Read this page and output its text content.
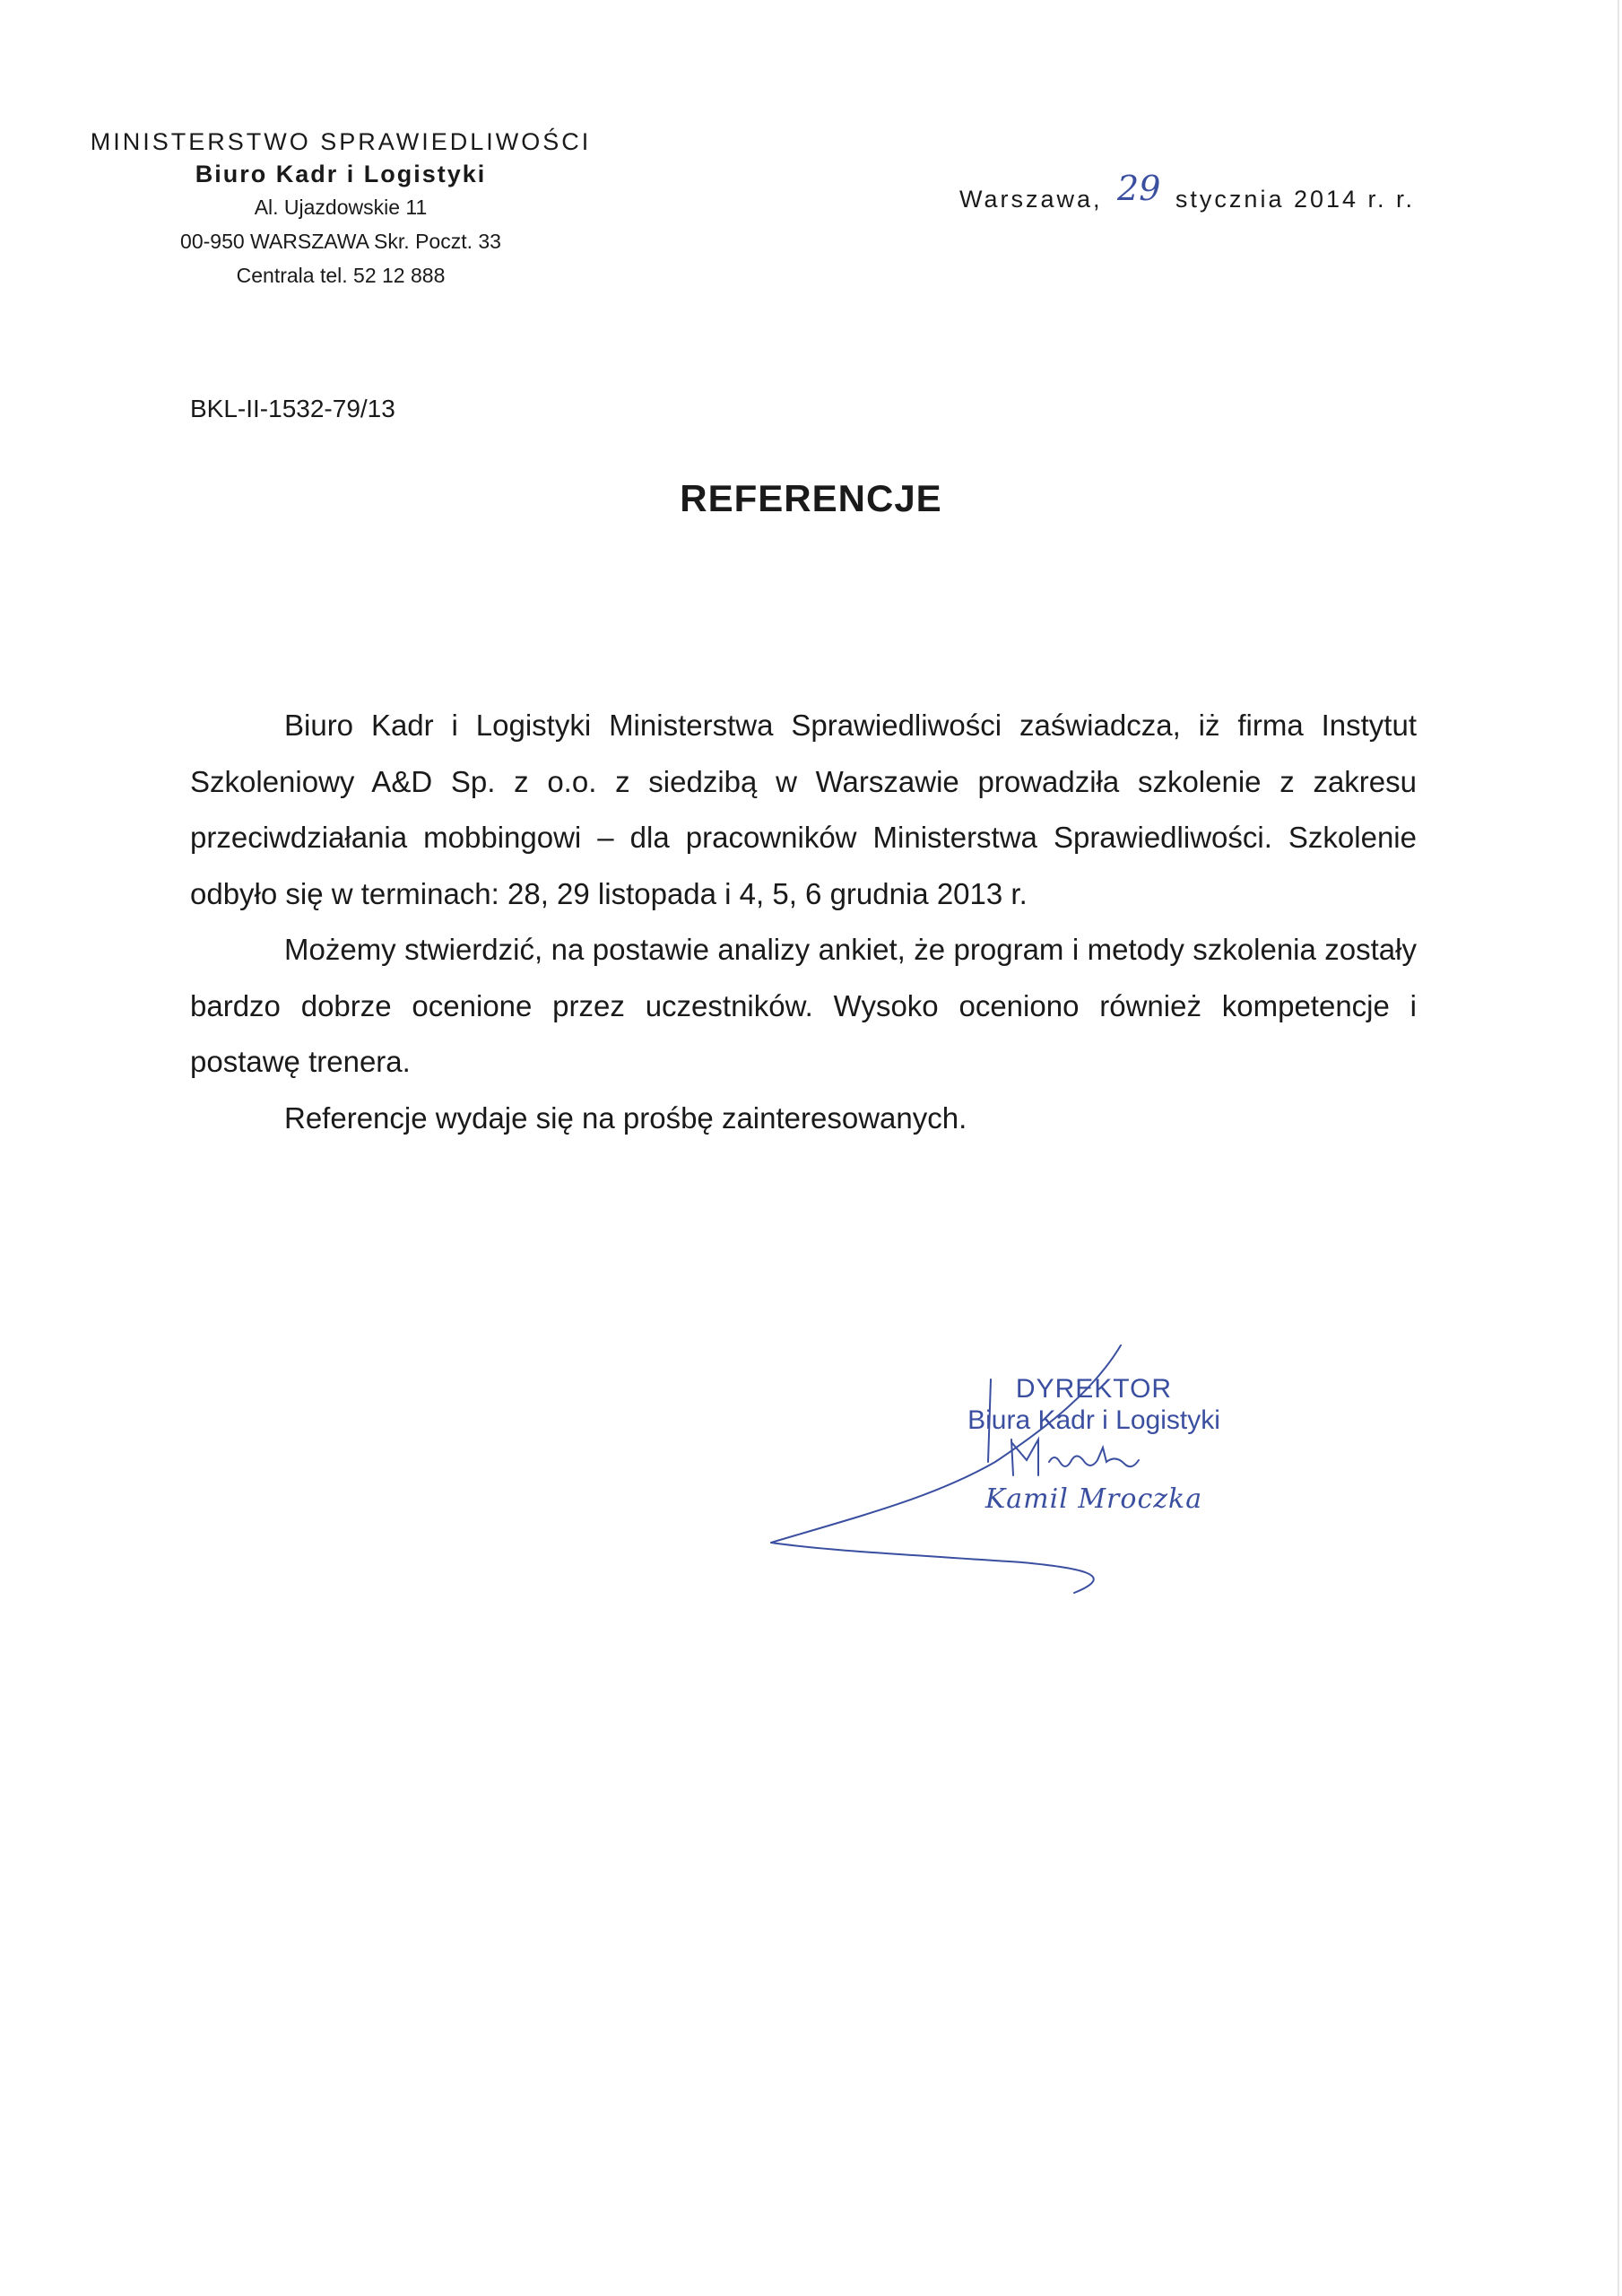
MINISTERSTWO SPRAWIEDLIWOŚCI
Biuro Kadr i Logistyki
Al. Ujazdowskie 11
00-950 WARSZAWA Skr. Poczt. 33
Centrala tel. 52 12 888
Warszawa, 29 stycznia 2014 r. r.
BKL-II-1532-79/13
REFERENCJE

Biuro Kadr i Logistyki Ministerstwa Sprawiedliwości zaświadcza, iż firma Instytut Szkoleniowy A&D Sp. z o.o. z siedzibą w Warszawie prowadziła szkolenie z zakresu przeciwdziałania mobbingowi – dla pracowników Ministerstwa Sprawiedliwości. Szkolenie odbyło się w terminach: 28, 29 listopada i 4, 5, 6 grudnia 2013 r.

Możemy stwierdzić, na postawie analizy ankiet, że program i metody szkolenia zostały bardzo dobrze ocenione przez uczestników. Wysoko oceniono również kompetencje i postawę trenera.

Referencje wydaje się na prośbę zainteresowanych.

DYREKTOR
Biura Kadr i Logistyki
Kamil Mroczka
